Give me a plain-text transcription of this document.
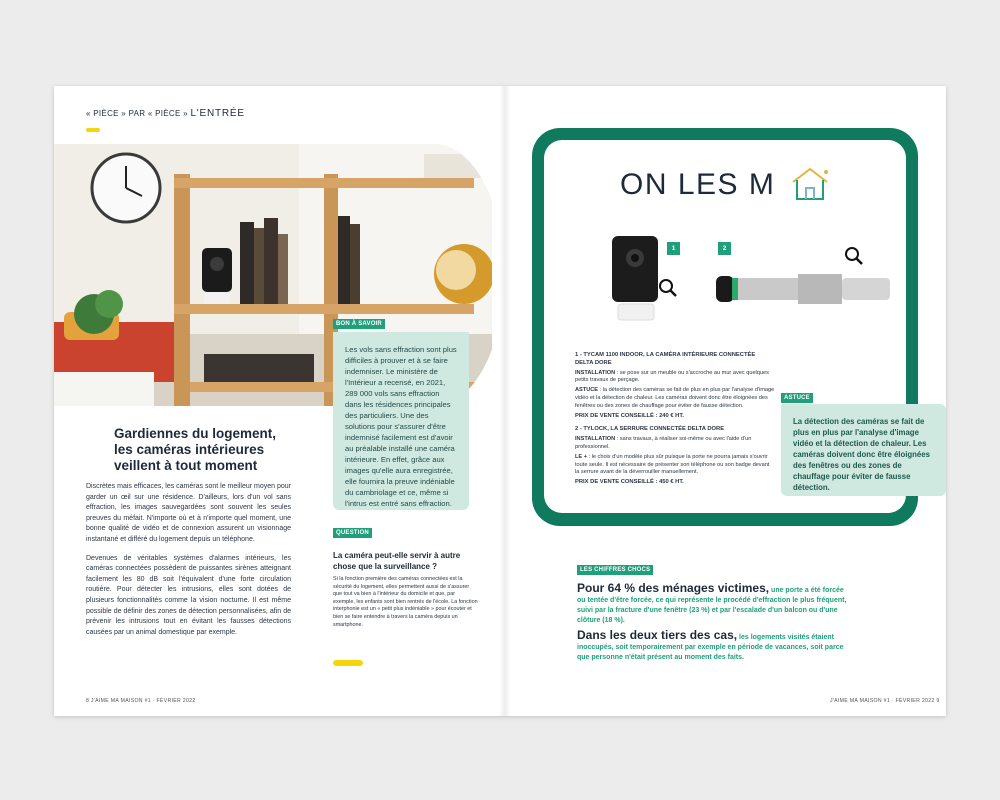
« PIÈCE » PAR « PIÈCE » L'ENTRÉE
Gardiennes du logement, les caméras intérieures veillent à tout moment

Discrètes mais efficaces, les caméras sont le meilleur moyen pour garder un œil sur une résidence. D'ailleurs, lors d'un vol sans effraction, les images sauvegardées sont souvent les seules preuves du méfait. N'importe où et à n'importe quel moment, une bonne qualité de vidéo et de connexion assurent un visionnage instantané et différé du logement depuis un téléphone.

Devenues de véritables systèmes d'alarmes intérieurs, les caméras connectées possèdent de puissantes sirènes atteignant facilement les 80 dB soit l'équivalent d'une forte circulation routière. Pour détecter les intrusions, elles sont dotées de plusieurs fonctionnalités comme la vision nocturne. Il est même possible de définir des zones de détection personnalisées, afin de prévenir les intrusions tout en évitant les fausses détections causées par un animal domestique par exemple.

BON À SAVOIR
Les vols sans effraction sont plus difficiles à prouver et à se faire indemniser. Le ministère de l'Intérieur a recensé, en 2021, 289 000 vols sans effraction dans les résidences principales des particuliers. Une des solutions pour s'assurer d'être indemnisé facilement est d'avoir au préalable installé une caméra intérieure. En effet, grâce aux images qu'elle aura enregistrée, elle fournira la preuve indéniable du cambriolage et ce, même si l'intrus est entré sans effraction.
QUESTION
La caméra peut-elle servir à autre chose que la surveillance ?
Si la fonction première des caméras connectées est la sécurité du logement, elles permettent aussi de s'assurer que tout va bien à l'intérieur du domicile et que, par exemple, les enfants sont bien rentrés de l'école. La fonction interphonie est un « petit plus indéniable » pour écouter et bien se faire entendre à travers la caméra depuis un smartphone.
8 J'AIME MA MAISON #1 · FÉVRIER 2022
ON LES M
1	2

1 - TYCAM 1100 INDOOR, LA CAMÉRA INTÉRIEURE CONNECTÉE DELTA DORE

INSTALLATION : se pose sur un meuble ou s'accroche au mur avec quelques petits travaux de perçage.

ASTUCE : la détection des caméras se fait de plus en plus par l'analyse d'image vidéo et la détection de chaleur. Les caméras doivent donc être éloignées des fenêtres ou des zones de chauffage pour éviter de fausse détection.

PRIX DE VENTE CONSEILLÉ : 240 € HT.

2 - TYLOCK, LA SERRURE CONNECTÉE DELTA DORE

INSTALLATION : sans travaux, à réaliser soi-même ou avec l'aide d'un professionnel.

LE + : le choix d'un modèle plus sûr puisque la porte ne pourra jamais s'ouvrir toute seule. Il est nécessaire de présenter son téléphone ou son badge devant la serrure avant de la déverrouiller manuellement.

PRIX DE VENTE CONSEILLÉ : 450 € HT.

ASTUCE
La détection des caméras se fait de plus en plus par l'analyse d'image vidéo et la détection de chaleur. Les caméras doivent donc être éloignées des fenêtres ou des zones de chauffage pour éviter de fausse détection.
LES CHIFFRES CHOCS
Pour 64 % des ménages victimes, une porte a été forcée ou tentée d'être forcée, ce qui représente le procédé d'effraction le plus fréquent, suivi par la fracture d'une fenêtre (23 %) et par l'escalade d'un balcon ou d'une clôture (18 %).
Dans les deux tiers des cas, les logements visités étaient inoccupés, soit temporairement par exemple en période de vacances, soit parce que personne n'était présent au moment des faits.
J'AIME MA MAISON #1 · FÉVRIER 2022 9
